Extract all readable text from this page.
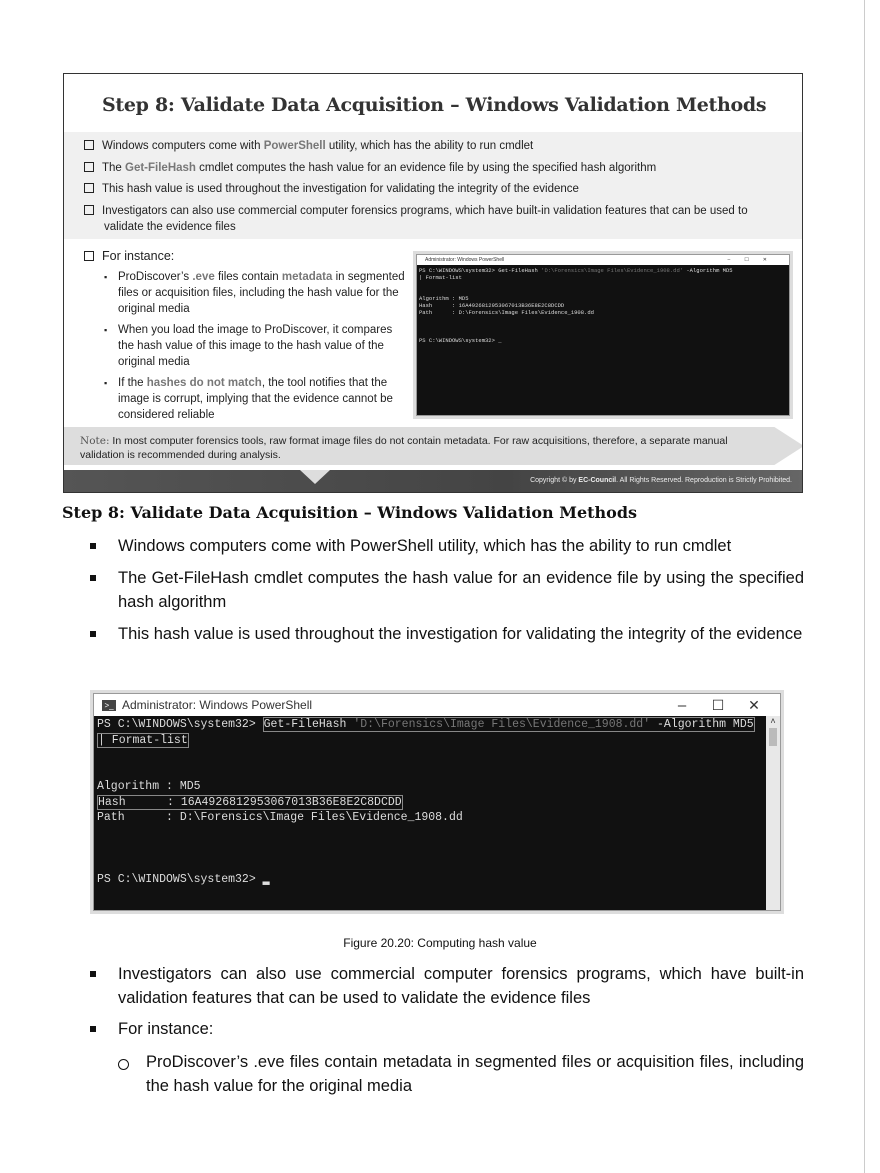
Step 8: Validate Data Acquisition – Windows Validation Methods
Windows computers come with PowerShell utility, which has the ability to run cmdlet
The Get-FileHash cmdlet computes the hash value for an evidence file by using the specified hash algorithm
This hash value is used throughout the investigation for validating the integrity of the evidence
Investigators can also use commercial computer forensics programs, which have built-in validation features that can be used to validate the evidence files
For instance:
▪ ProDiscover’s .eve files contain metadata in segmented files or acquisition files, including the hash value for the original media
▪ When you load the image to ProDiscover, it compares the hash value of this image to the hash value of the original media
▪ If the hashes do not match, the tool notifies that the image is corrupt, implying that the evidence cannot be considered reliable
Administrator: Windows PowerShell	–☐✕
PS C:\WINDOWS\system32> Get-FileHash 'D:\Forensics\Image Files\Evidence_1908.dd' -Algorithm MD5
| Format-list

Algorithm : MD5
Hash      : 16A4926812953067013B36E8E2C8DCDD
Path      : D:\Forensics\Image Files\Evidence_1908.dd

PS C:\WINDOWS\system32> _
Note: In most computer forensics tools, raw format image files do not contain metadata. For raw acquisitions, therefore, a separate manual validation is recommended during analysis.
Copyright © by EC-Council. All Rights Reserved. Reproduction is Strictly Prohibited.
Step 8: Validate Data Acquisition – Windows Validation Methods
Windows computers come with PowerShell utility, which has the ability to run cmdlet
The Get-FileHash cmdlet computes the hash value for an evidence file by using the specified hash algorithm
This hash value is used throughout the investigation for validating the integrity of the evidence
>_ Administrator: Windows PowerShell	–	☐	✕
˄
PS C:\WINDOWS\system32> Get-FileHash 'D:\Forensics\Image Files\Evidence_1908.dd' -Algorithm MD5
| Format-list

Algorithm : MD5
Hash      : 16A4926812953067013B36E8E2C8DCDD
Path      : D:\Forensics\Image Files\Evidence_1908.dd

PS C:\WINDOWS\system32> ▂
Figure 20.20: Computing hash value
Investigators can also use commercial computer forensics programs, which have built-in validation features that can be used to validate the evidence files
For instance:
ProDiscover’s .eve files contain metadata in segmented files or acquisition files, including the hash value for the original media
